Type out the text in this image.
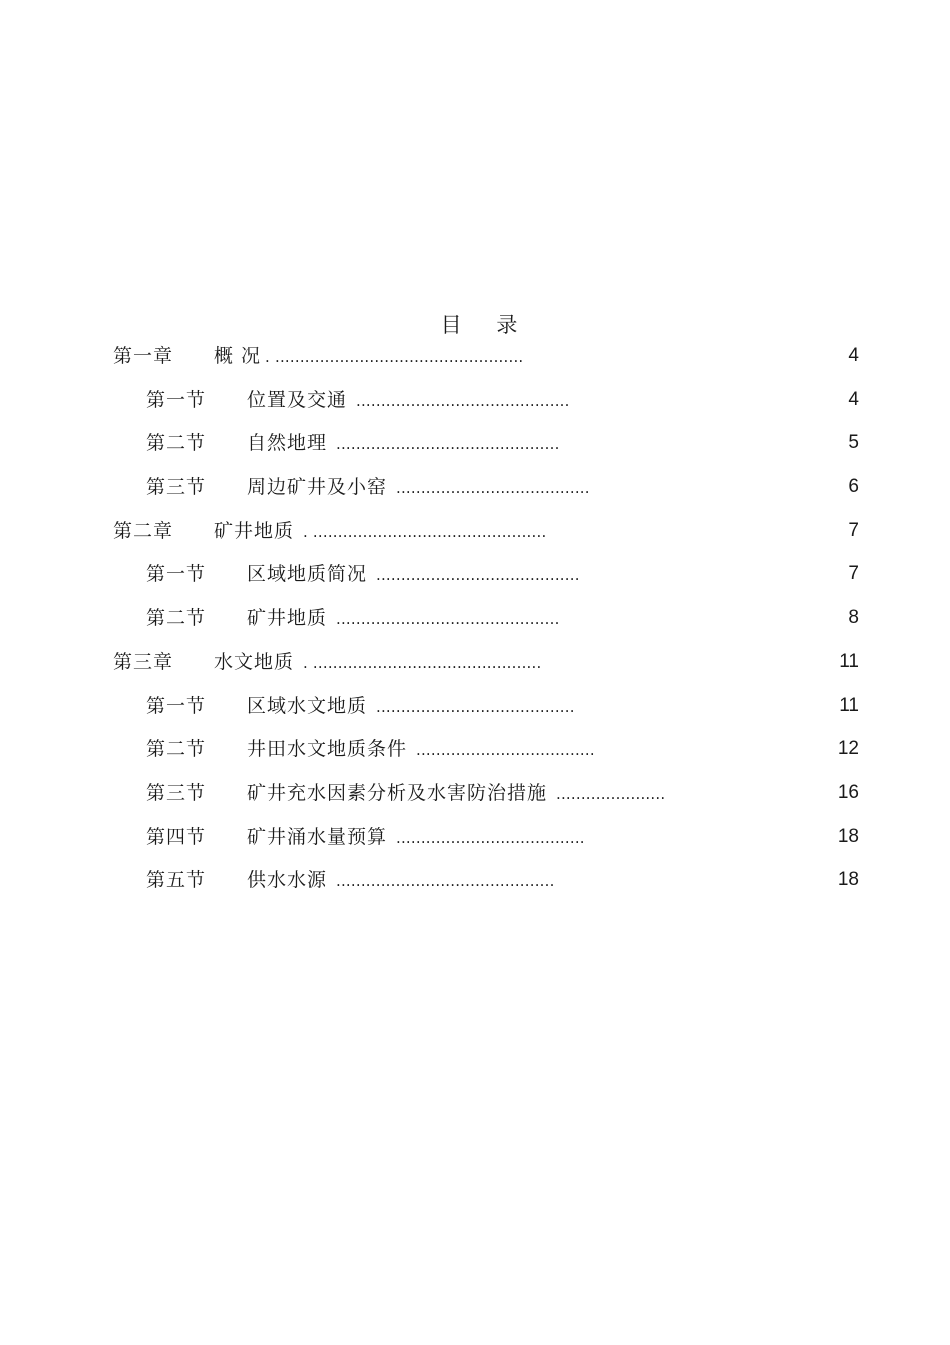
目 录
第一章 概 况 . ..................................................	4
第一节 位置及交通 ...........................................	4
第二节 自然地理 .............................................	5
第三节 周边矿井及小窑 .......................................	6
第二章 矿井地质 . ...............................................	7
第一节 区域地质简况 .........................................	7
第二节 矿井地质 .............................................	8
第三章 水文地质 . ..............................................	11
第一节 区域水文地质 ........................................	11
第二节 井田水文地质条件 ....................................	12
第三节 矿井充水因素分析及水害防治措施 ......................	16
第四节 矿井涌水量预算 ......................................	18
第五节 供水水源 ............................................	18
